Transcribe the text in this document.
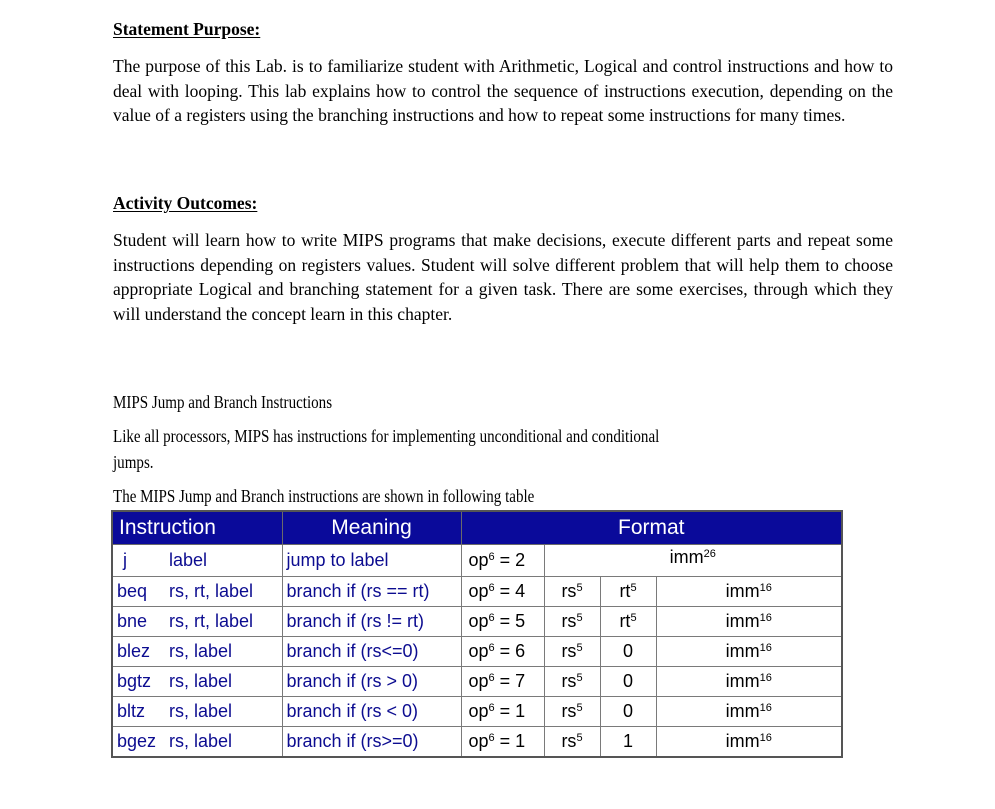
Statement Purpose:

The purpose of this Lab. is to familiarize student with Arithmetic, Logical and control instructions and how to deal with looping. This lab explains how to control the sequence of instructions execution, depending on the value of a registers using the branching instructions and how to repeat some instructions for many times.

Activity Outcomes:

Student will learn how to write MIPS programs that make decisions, execute different parts and repeat some instructions depending on registers values. Student will solve different problem that will help them to choose appropriate Logical and branching statement for a given task. There are some exercises, through which they will understand the concept learn in this chapter.

MIPS Jump and Branch Instructions

Like all processors, MIPS has instructions for implementing unconditional and conditional

jumps.

The MIPS Jump and Branch instructions are shown in following table

Instruction	Meaning	Format			
j label	jump to label	$op^6 = 2$	imm$^{26}$
beq rs, rt, label	branch if (rs == rt)	$op^6 = 4$	$rs^5$	$rt^5$	imm$^{16}$
bne rs, rt, label	branch if (rs != rt)	$op^6 = 5$	$rs^5$	$rt^5$	imm$^{16}$
blez rs, label	branch if (rs<=0)	$op^6 = 6$	$rs^5$	0	imm$^{16}$
bgtz rs, label	branch if (rs > 0)	$op^6 = 7$	$rs^5$	0	imm$^{16}$
bltz rs, label	branch if (rs < 0)	$op^6 = 1$	$rs^5$	0	imm$^{16}$
bgez rs, label	branch if (rs>=0)	$op^6 = 1$	$rs^5$	1	imm$^{16}$
